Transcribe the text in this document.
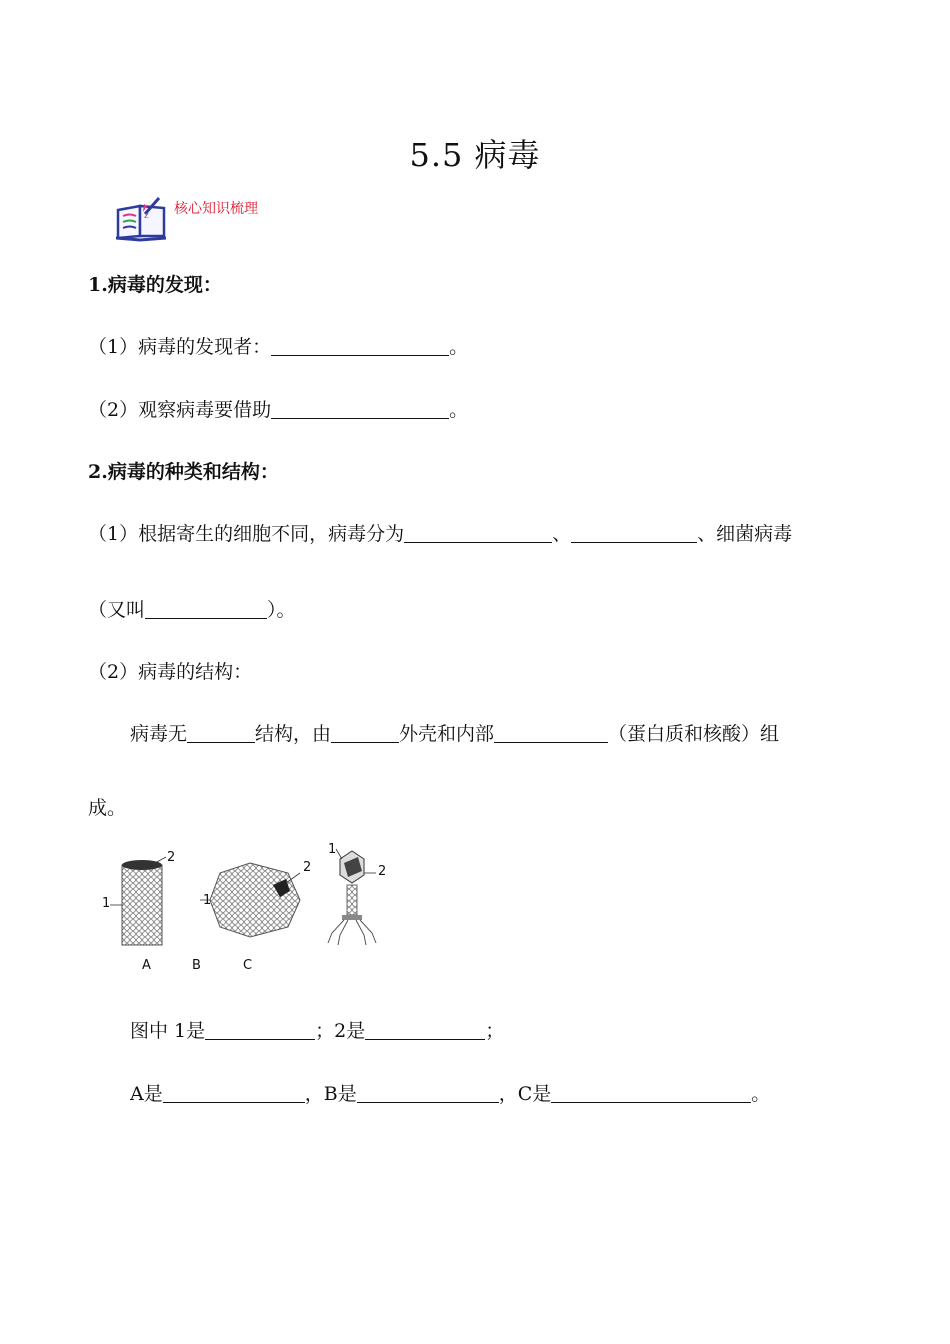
5.5 病毒
z 核心知识梳理
1.病毒的发现：
（1）病毒的发现者：	。
（2）观察病毒要借助	。
2.病毒的种类和结构：
（1）根据寄生的细胞不同，病毒分为	、	、细菌病毒
（又叫	）。
（2）病毒的结构：
病毒无	结构，由	外壳和内部	（蛋白质和核酸）组
成。
1
2
1
2
1
2
A	B	C
图中 1是	；2是	；
A是	，B是	，C是	。
